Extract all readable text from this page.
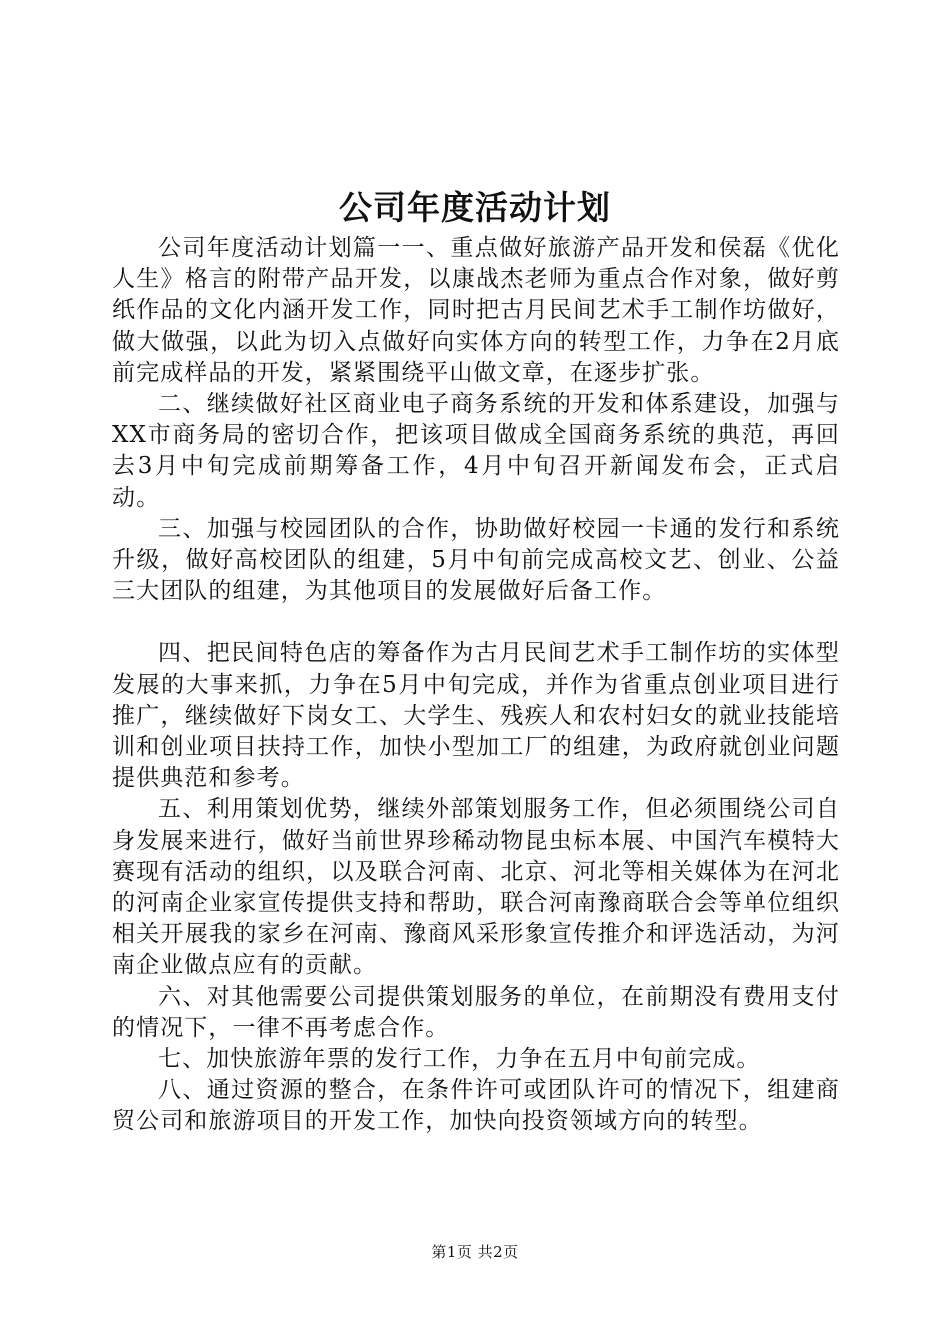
公司年度活动计划

公司年度活动计划篇一一、重点做好旅游产品开发和侯磊《优化人生》格言的附带产品开发，以康战杰老师为重点合作对象，做好剪纸作品的文化内涵开发工作，同时把古月民间艺术手工制作坊做好，做大做强，以此为切入点做好向实体方向的转型工作，力争在2月底前完成样品的开发，紧紧围绕平山做文章，在逐步扩张。

二、继续做好社区商业电子商务系统的开发和体系建设，加强与XX市商务局的密切合作，把该项目做成全国商务系统的典范，再回去3月中旬完成前期筹备工作，4月中旬召开新闻发布会，正式启动。

三、加强与校园团队的合作，协助做好校园一卡通的发行和系统升级，做好高校团队的组建，5月中旬前完成高校文艺、创业、公益三大团队的组建，为其他项目的发展做好后备工作。

四、把民间特色店的筹备作为古月民间艺术手工制作坊的实体型发展的大事来抓，力争在5月中旬完成，并作为省重点创业项目进行推广，继续做好下岗女工、大学生、残疾人和农村妇女的就业技能培训和创业项目扶持工作，加快小型加工厂的组建，为政府就创业问题提供典范和参考。

五、利用策划优势，继续外部策划服务工作，但必须围绕公司自身发展来进行，做好当前世界珍稀动物昆虫标本展、中国汽车模特大赛现有活动的组织，以及联合河南、北京、河北等相关媒体为在河北的河南企业家宣传提供支持和帮助，联合河南豫商联合会等单位组织相关开展我的家乡在河南、豫商风采形象宣传推介和评选活动，为河南企业做点应有的贡献。

六、对其他需要公司提供策划服务的单位，在前期没有费用支付的情况下，一律不再考虑合作。

七、加快旅游年票的发行工作，力争在五月中旬前完成。

八、通过资源的整合，在条件许可或团队许可的情况下，组建商贸公司和旅游项目的开发工作，加快向投资领域方向的转型。

第1页 共2页
